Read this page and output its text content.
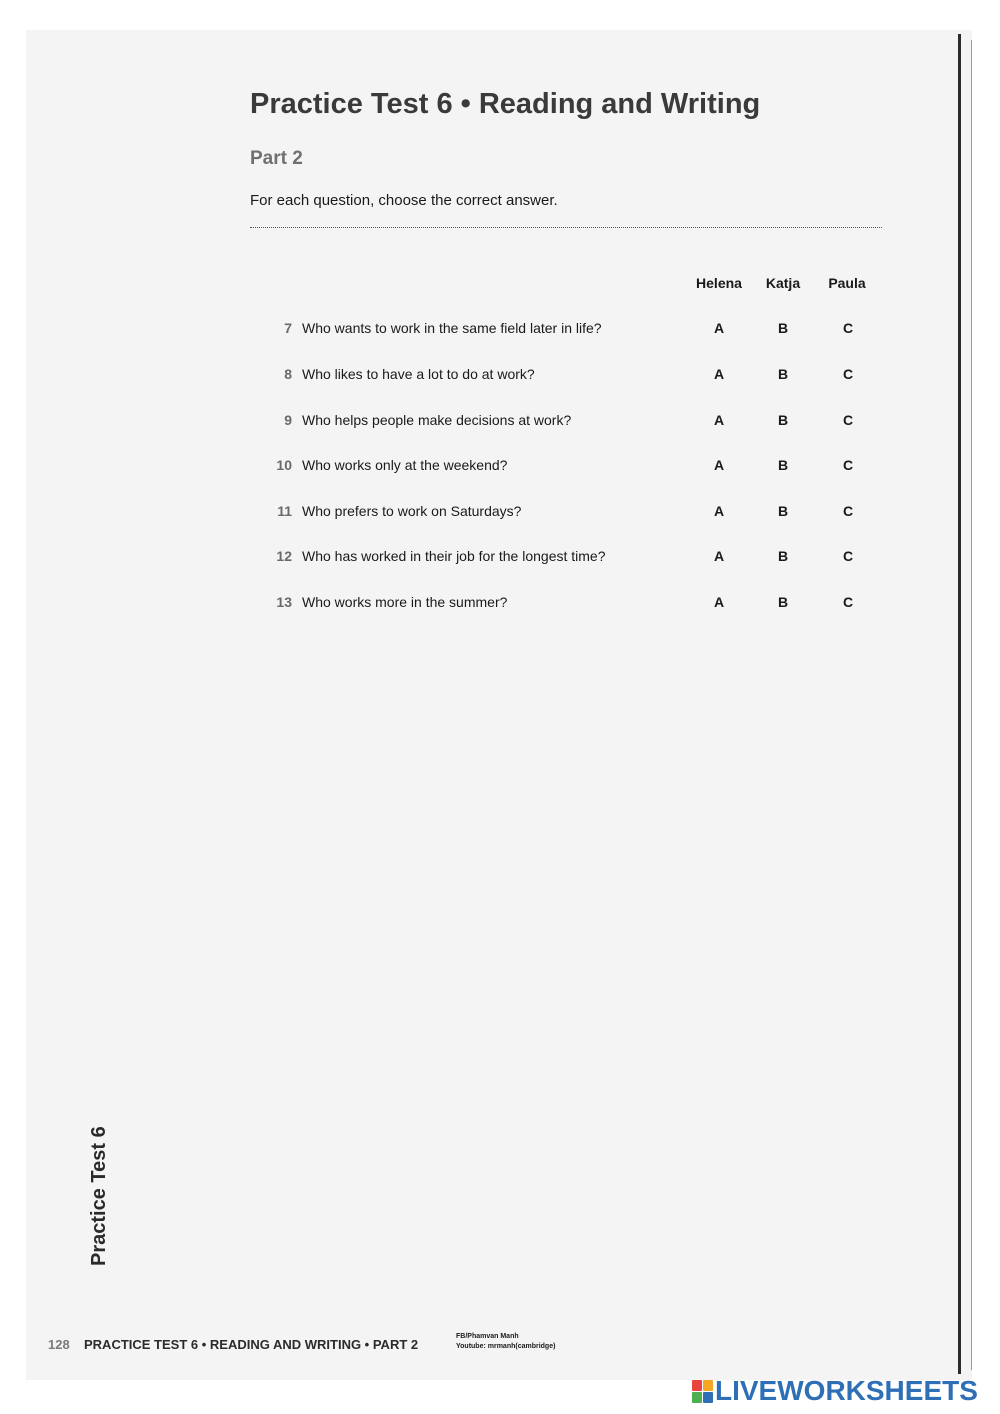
Practice Test 6 • Reading and Writing
Part 2
For each question, choose the correct answer.
Helena	Katja	Paula
7 Who wants to work in the same field later in life?	A	B	C
8 Who likes to have a lot to do at work?	A	B	C
9 Who helps people make decisions at work?	A	B	C
10 Who works only at the weekend?	A	B	C
11 Who prefers to work on Saturdays?	A	B	C
12 Who has worked in their job for the longest time?	A	B	C
13 Who works more in the summer?	A	B	C
Practice Test 6
128 PRACTICE TEST 6 • READING AND WRITING • PART 2
FB/Phamvan Manh
Youtube: mrmanh(cambridge)
LIVEWORKSHEETS
